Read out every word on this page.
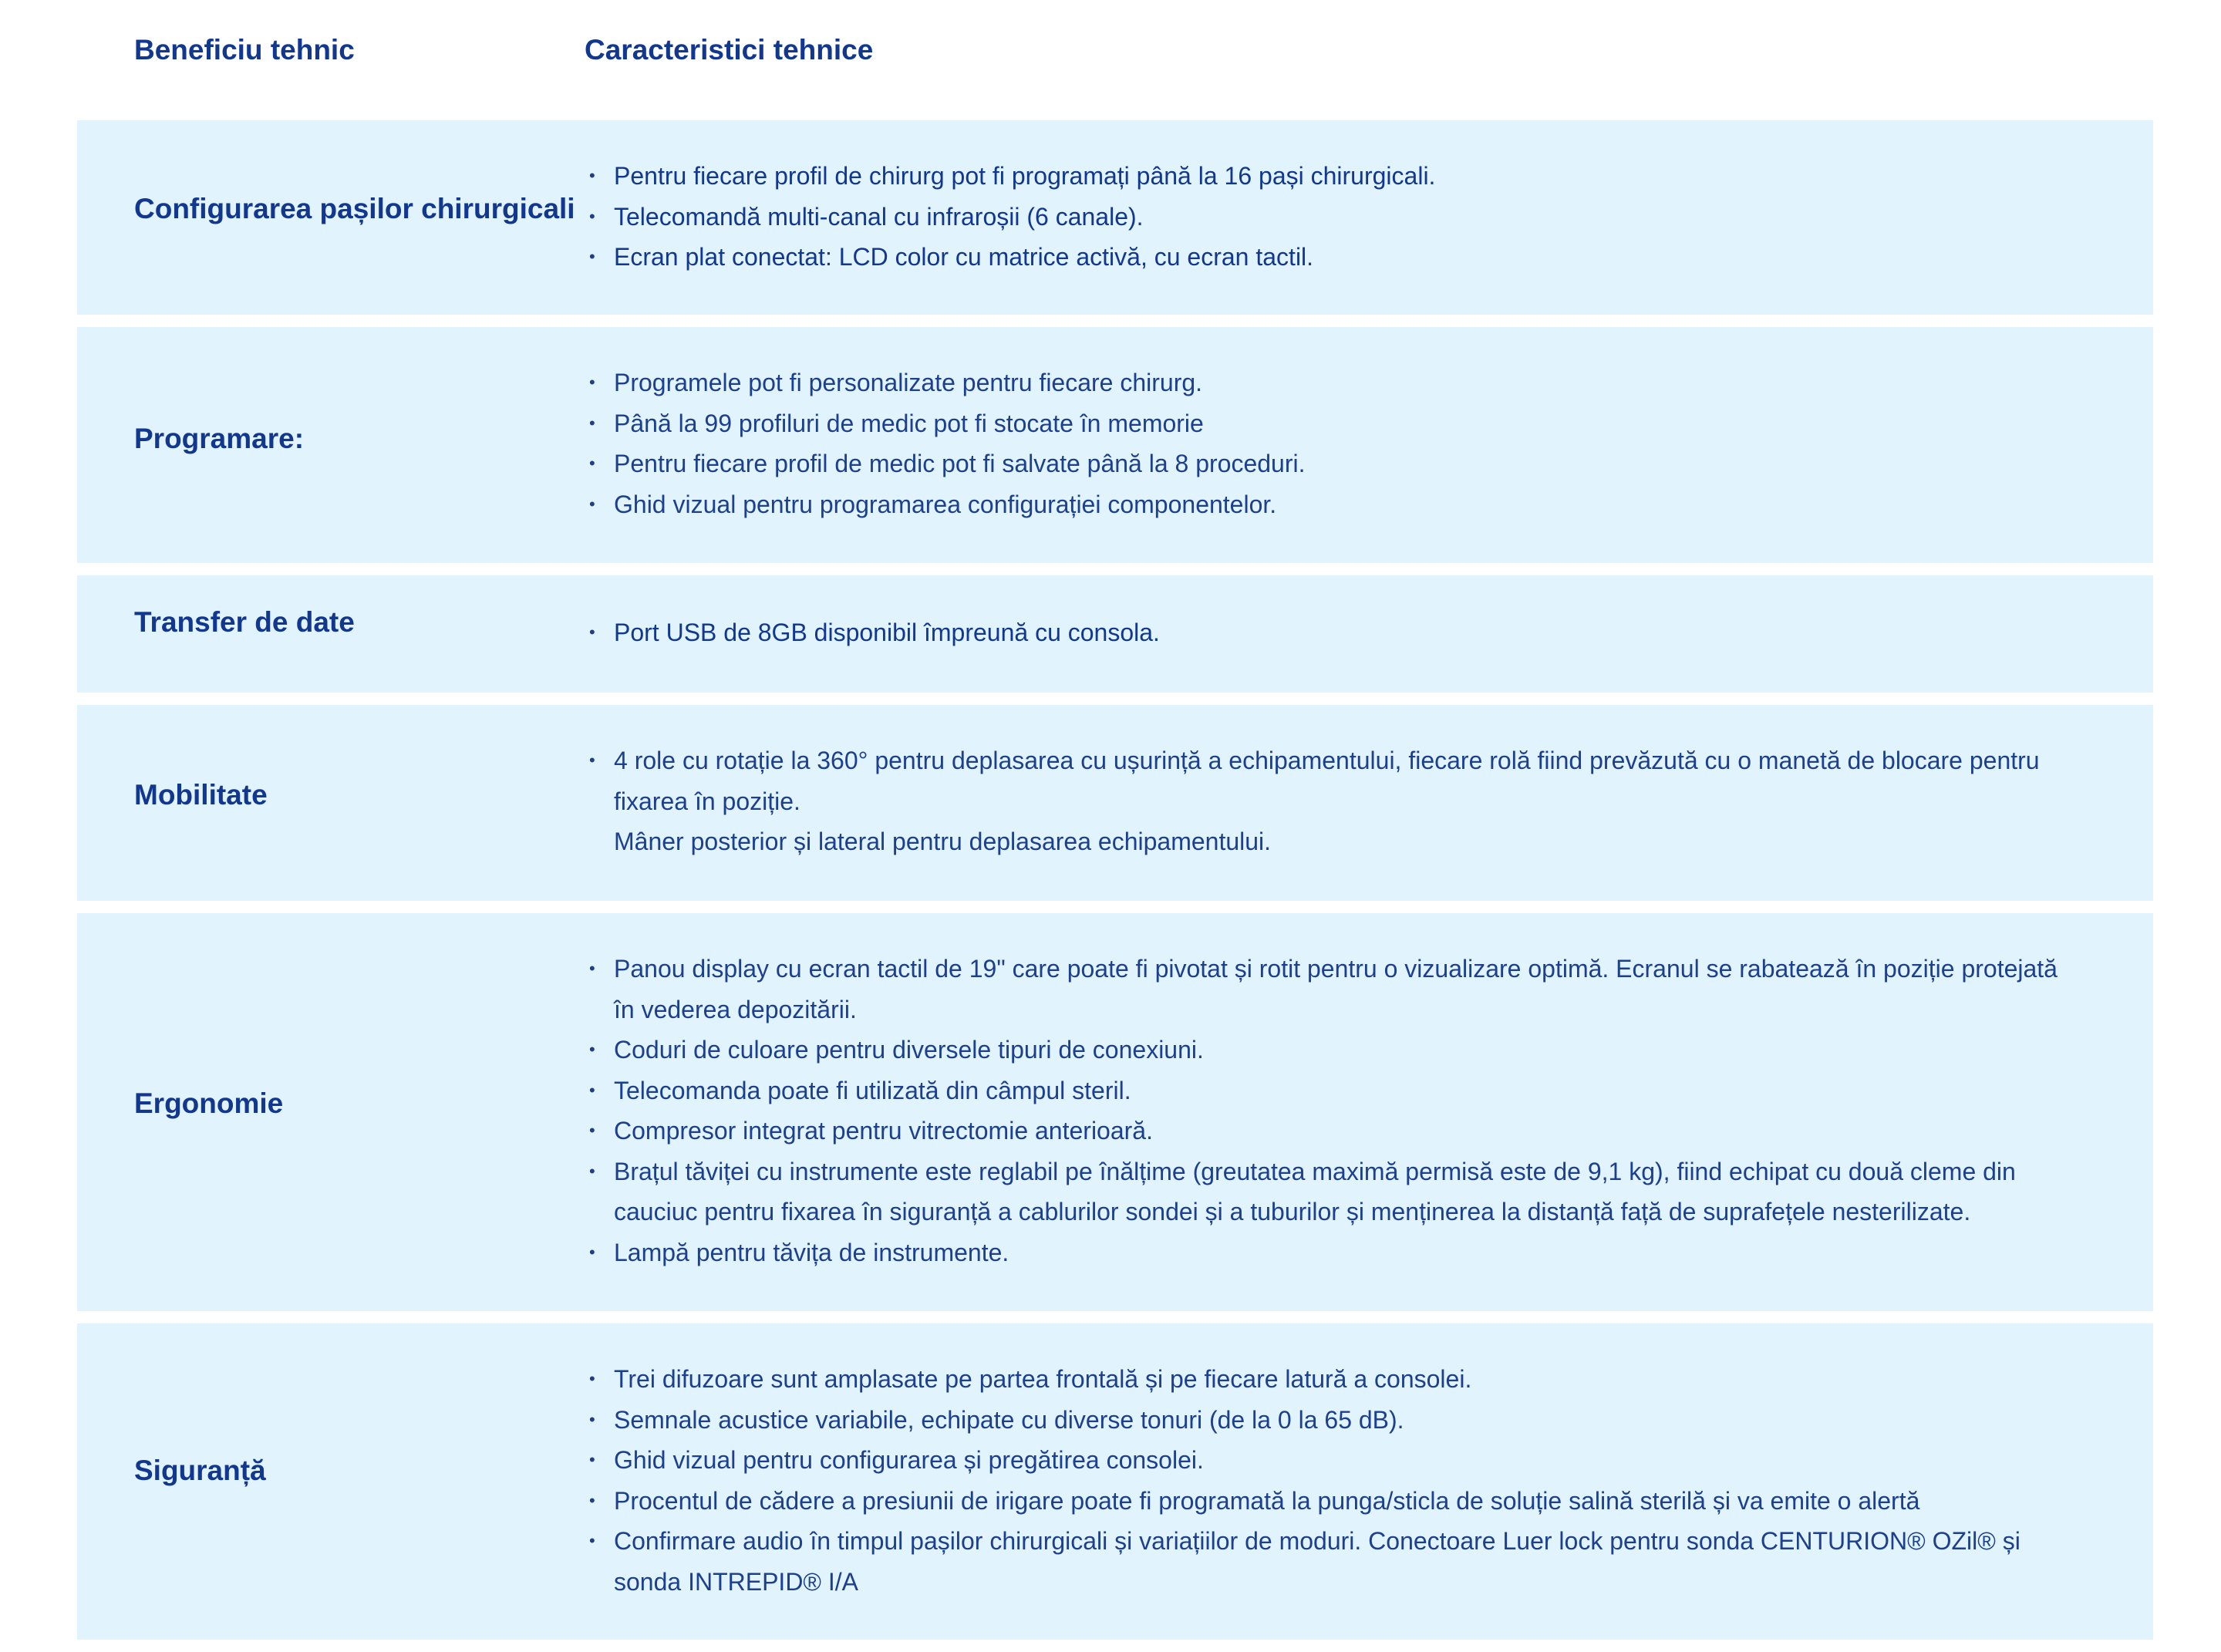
Beneficiu tehnic	Caracteristici tehnice
Configurarea pașilor chirurgicali
• Pentru fiecare profil de chirurg pot fi programați până la 16 pași chirurgicali.
• Telecomandă multi-canal cu infraroșii (6 canale).
• Ecran plat conectat: LCD color cu matrice activă, cu ecran tactil.
Programare:
• Programele pot fi personalizate pentru fiecare chirurg.
• Până la 99 profiluri de medic pot fi stocate în memorie
• Pentru fiecare profil de medic pot fi salvate până la 8 proceduri.
• Ghid vizual pentru programarea configurației componentelor.
Transfer de date	• Port USB de 8GB disponibil împreună cu consola.
Mobilitate
• 4 role cu rotație la 360° pentru deplasarea cu ușurință a echipamentului, fiecare rolă fiind prevăzută cu o manetă de blocare pentru fixarea în poziție.
Mâner posterior și lateral pentru deplasarea echipamentului.
Ergonomie
• Panou display cu ecran tactil de 19" care poate fi pivotat și rotit pentru o vizualizare optimă. Ecranul se rabatează în poziție protejată în vederea depozitării.
• Coduri de culoare pentru diversele tipuri de conexiuni.
• Telecomanda poate fi utilizată din câmpul steril.
• Compresor integrat pentru vitrectomie anterioară.
• Brațul tăviței cu instrumente este reglabil pe înălțime (greutatea maximă permisă este de 9,1 kg), fiind echipat cu două cleme din cauciuc pentru fixarea în siguranță a cablurilor sondei și a tuburilor și menținerea la distanță față de suprafețele nesterilizate.
• Lampă pentru tăvița de instrumente.
Siguranță
• Trei difuzoare sunt amplasate pe partea frontală și pe fiecare latură a consolei.
• Semnale acustice variabile, echipate cu diverse tonuri (de la 0 la 65 dB).
• Ghid vizual pentru configurarea și pregătirea consolei.
• Procentul de cădere a presiunii de irigare poate fi programată la punga/sticla de soluție salină sterilă și va emite o alertă
• Confirmare audio în timpul pașilor chirurgicali și variațiilor de moduri. Conectoare Luer lock pentru sonda CENTURION® OZil® și sonda INTREPID® I/A
